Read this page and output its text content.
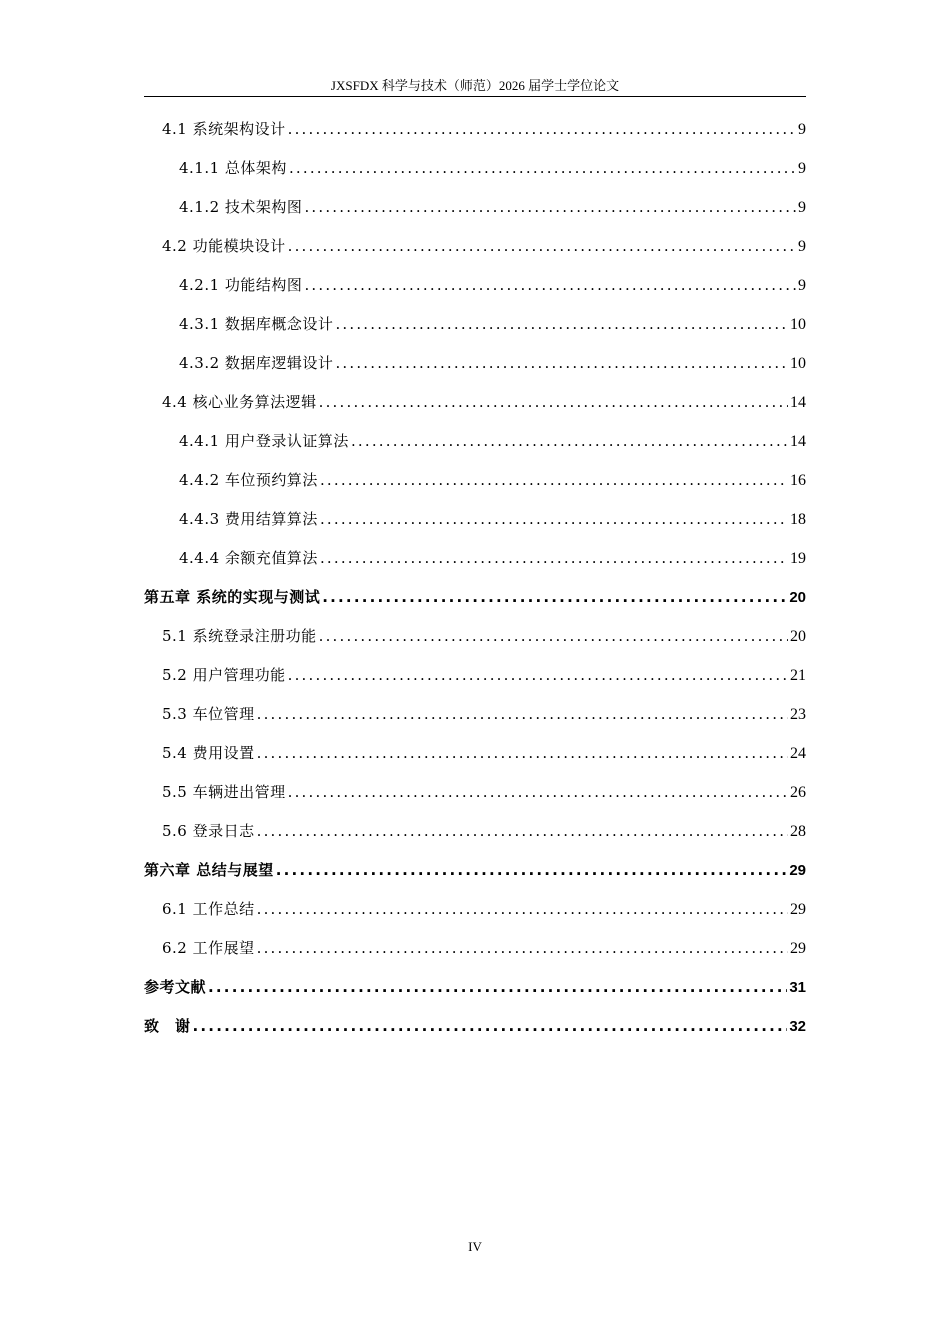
JXSFDX 科学与技术（师范）2026 届学士学位论文
4.1 系统架构设计 .....	9
4.1.1 总体架构 .....	9
4.1.2 技术架构图 .....	9
4.2 功能模块设计 .....	9
4.2.1 功能结构图 .....	9
4.3.1 数据库概念设计 .....	10
4.3.2 数据库逻辑设计 .....	10
4.4 核心业务算法逻辑 .....	14
4.4.1 用户登录认证算法 .....	14
4.4.2 车位预约算法 .....	16
4.4.3 费用结算算法 .....	18
4.4.4 余额充值算法 .....	19
第五章 系统的实现与测试 .....	20
5.1 系统登录注册功能 .....	20
5.2 用户管理功能 .....	21
5.3 车位管理 .....	23
5.4 费用设置 .....	24
5.5 车辆进出管理 .....	26
5.6 登录日志 .....	28
第六章 总结与展望 .....	29
6.1 工作总结 .....	29
6.2 工作展望 .....	29
参考文献 .....	31
致　谢 .....	32
IV
